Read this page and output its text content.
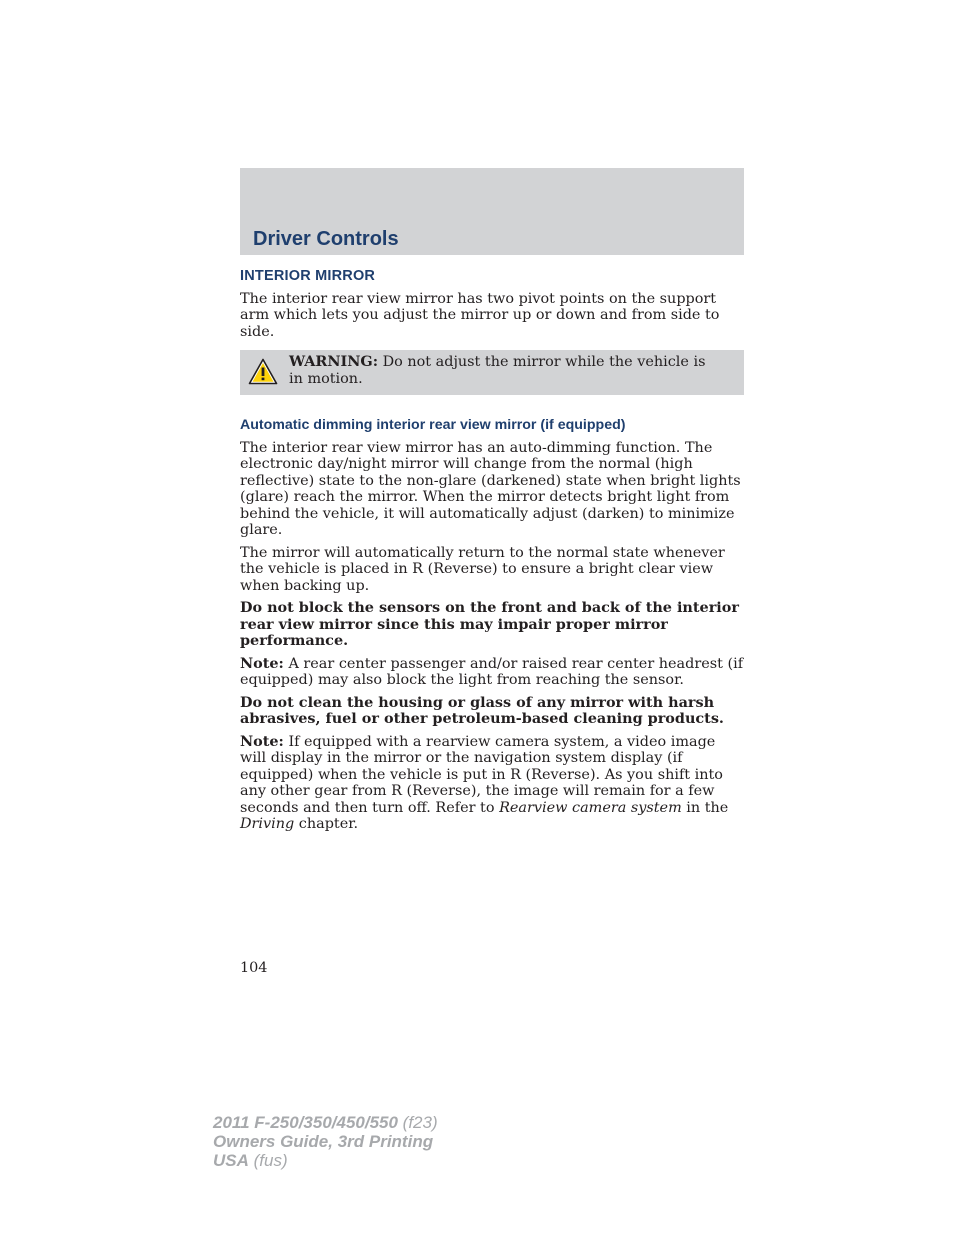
Driver Controls
INTERIOR MIRROR

The interior rear view mirror has two pivot points on the support arm which lets you adjust the mirror up or down and from side to side.

WARNING: Do not adjust the mirror while the vehicle is in motion.
Automatic dimming interior rear view mirror (if equipped)

The interior rear view mirror has an auto-dimming function. The electronic day/night mirror will change from the normal (high reflective) state to the non-glare (darkened) state when bright lights (glare) reach the mirror. When the mirror detects bright light from behind the vehicle, it will automatically adjust (darken) to minimize glare.

The mirror will automatically return to the normal state whenever the vehicle is placed in R (Reverse) to ensure a bright clear view when backing up.

Do not block the sensors on the front and back of the interior rear view mirror since this may impair proper mirror performance.

Note: A rear center passenger and/or raised rear center headrest (if equipped) may also block the light from reaching the sensor.

Do not clean the housing or glass of any mirror with harsh abrasives, fuel or other petroleum-based cleaning products.

Note: If equipped with a rearview camera system, a video image will display in the mirror or the navigation system display (if equipped) when the vehicle is put in R (Reverse). As you shift into any other gear from R (Reverse), the image will remain for a few seconds and then turn off. Refer to Rearview camera system in the Driving chapter.

104
2011 F-250/350/450/550 (f23)
Owners Guide, 3rd Printing
USA (fus)
